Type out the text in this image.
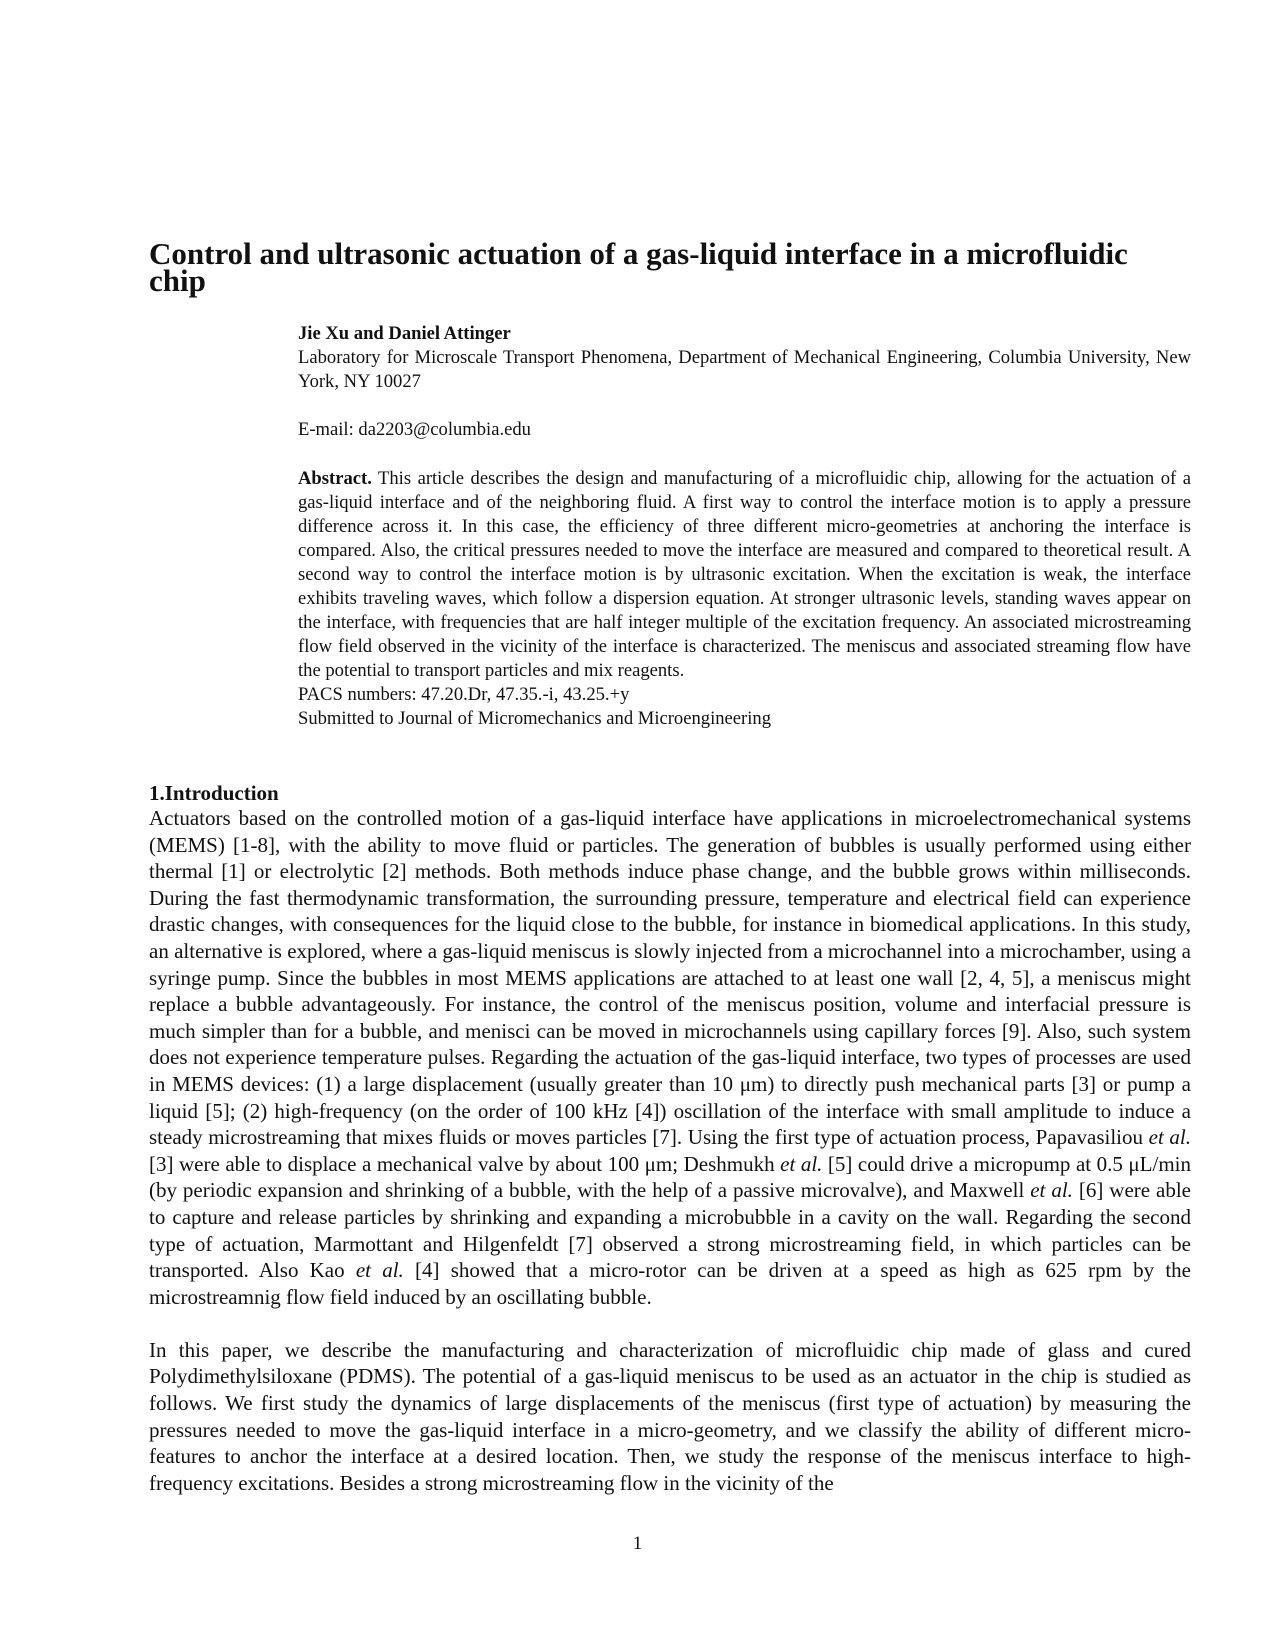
Control and ultrasonic actuation of a gas-liquid interface in a microfluidic chip

Jie Xu and Daniel Attinger

Laboratory for Microscale Transport Phenomena, Department of Mechanical Engineering, Columbia University, New York, NY 10027

E-mail: da2203@columbia.edu

Abstract. This article describes the design and manufacturing of a microfluidic chip, allowing for the actuation of a gas-liquid interface and of the neighboring fluid. A first way to control the interface motion is to apply a pressure difference across it. In this case, the efficiency of three different micro-geometries at anchoring the interface is compared. Also, the critical pressures needed to move the interface are measured and compared to theoretical result. A second way to control the interface motion is by ultrasonic excitation. When the excitation is weak, the interface exhibits traveling waves, which follow a dispersion equation. At stronger ultrasonic levels, standing waves appear on the interface, with frequencies that are half integer multiple of the excitation frequency. An associated microstreaming flow field observed in the vicinity of the interface is characterized. The meniscus and associated streaming flow have the potential to transport particles and mix reagents.

PACS numbers: 47.20.Dr, 47.35.-i, 43.25.+y

Submitted to Journal of Micromechanics and Microengineering

1.Introduction

Actuators based on the controlled motion of a gas-liquid interface have applications in microelectromechanical systems (MEMS) [1-8], with the ability to move fluid or particles. The generation of bubbles is usually performed using either thermal [1] or electrolytic [2] methods. Both methods induce phase change, and the bubble grows within milliseconds. During the fast thermodynamic transformation, the surrounding pressure, temperature and electrical field can experience drastic changes, with consequences for the liquid close to the bubble, for instance in biomedical applications. In this study, an alternative is explored, where a gas-liquid meniscus is slowly injected from a microchannel into a microchamber, using a syringe pump. Since the bubbles in most MEMS applications are attached to at least one wall [2, 4, 5], a meniscus might replace a bubble advantageously. For instance, the control of the meniscus position, volume and interfacial pressure is much simpler than for a bubble, and menisci can be moved in microchannels using capillary forces [9]. Also, such system does not experience temperature pulses. Regarding the actuation of the gas-liquid interface, two types of processes are used in MEMS devices: (1) a large displacement (usually greater than 10 μm) to directly push mechanical parts [3] or pump a liquid [5]; (2) high-frequency (on the order of 100 kHz [4]) oscillation of the interface with small amplitude to induce a steady microstreaming that mixes fluids or moves particles [7]. Using the first type of actuation process, Papavasiliou et al. [3] were able to displace a mechanical valve by about 100 μm; Deshmukh et al. [5] could drive a micropump at 0.5 μL/min (by periodic expansion and shrinking of a bubble, with the help of a passive microvalve), and Maxwell et al. [6] were able to capture and release particles by shrinking and expanding a microbubble in a cavity on the wall. Regarding the second type of actuation, Marmottant and Hilgenfeldt [7] observed a strong microstreaming field, in which particles can be transported. Also Kao et al. [4] showed that a micro-rotor can be driven at a speed as high as 625 rpm by the microstreamnig flow field induced by an oscillating bubble.

In this paper, we describe the manufacturing and characterization of microfluidic chip made of glass and cured Polydimethylsiloxane (PDMS). The potential of a gas-liquid meniscus to be used as an actuator in the chip is studied as follows. We first study the dynamics of large displacements of the meniscus (first type of actuation) by measuring the pressures needed to move the gas-liquid interface in a micro-geometry, and we classify the ability of different micro-features to anchor the interface at a desired location. Then, we study the response of the meniscus interface to high-frequency excitations. Besides a strong microstreaming flow in the vicinity of the

1
